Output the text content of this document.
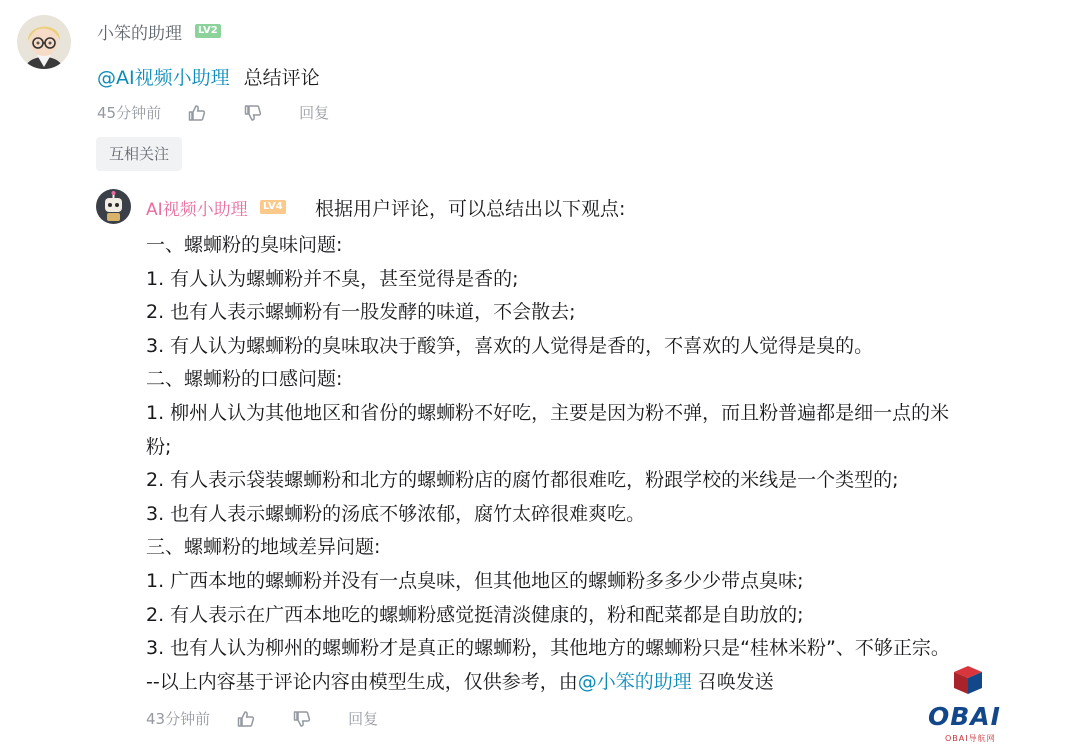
小笨的助理	LV2
@AI视频小助理 总结评论
45分钟前	回复
互相关注
AI视频小助理	LV4 根据用户评论，可以总结出以下观点:
一、螺蛳粉的臭味问题:
1. 有人认为螺蛳粉并不臭，甚至觉得是香的;
2. 也有人表示螺蛳粉有一股发酵的味道，不会散去;
3. 有人认为螺蛳粉的臭味取决于酸笋，喜欢的人觉得是香的，不喜欢的人觉得是臭的。
二、螺蛳粉的口感问题:
1. 柳州人认为其他地区和省份的螺蛳粉不好吃，主要是因为粉不弹，而且粉普遍都是细一点的米
粉;
2. 有人表示袋装螺蛳粉和北方的螺蛳粉店的腐竹都很难吃，粉跟学校的米线是一个类型的;
3. 也有人表示螺蛳粉的汤底不够浓郁，腐竹太碎很难爽吃。
三、螺蛳粉的地域差异问题:
1. 广西本地的螺蛳粉并没有一点臭味，但其他地区的螺蛳粉多多少少带点臭味;
2. 有人表示在广西本地吃的螺蛳粉感觉挺清淡健康的，粉和配菜都是自助放的;
3. 也有人认为柳州的螺蛳粉才是真正的螺蛳粉，其他地方的螺蛳粉只是“桂林米粉”、不够正宗。
--以上内容基于评论内容由模型生成，仅供参考，由@小笨的助理 召唤发送
43分钟前	回复	OBAI
OBAI导航网
